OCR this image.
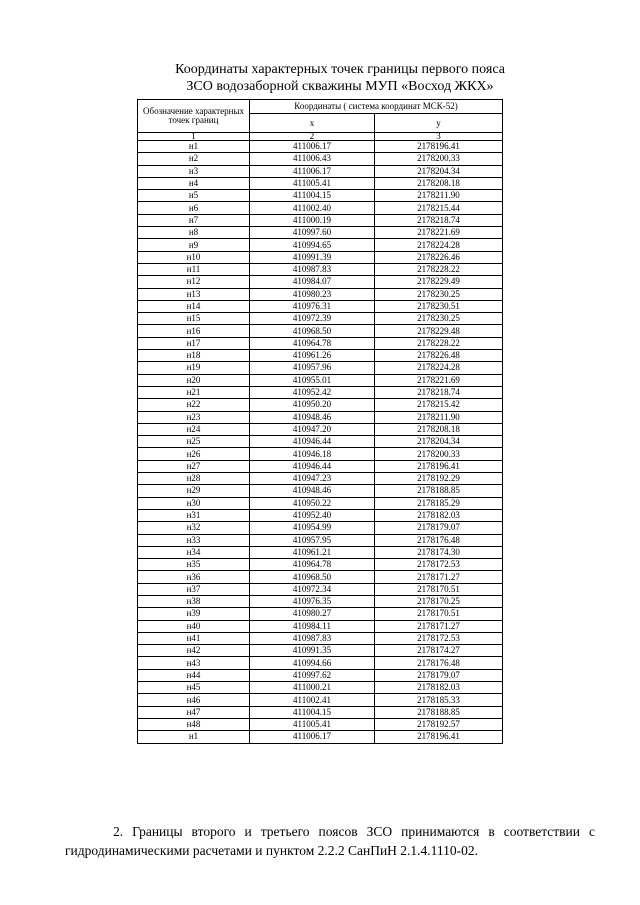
Координаты характерных точек границы первого пояса
ЗСО водозаборной скважины МУП «Восход ЖКХ»
Обозначение характерных точек границ	Координаты ( система координат МСК-52)	
	x	y
1	2	3
н1	411006.17	2178196.41
н2	411006.43	2178200.33
н3	411006.17	2178204.34
н4	411005.41	2178208.18
н5	411004.15	2178211.90
н6	411002.40	2178215.44
н7	411000.19	2178218.74
н8	410997.60	2178221.69
н9	410994.65	2178224.28
н10	410991.39	2178226.46
н11	410987.83	2178228.22
н12	410984.07	2178229.49
н13	410980.23	2178230.25
н14	410976.31	2178230.51
н15	410972.39	2178230.25
н16	410968.50	2178229.48
н17	410964.78	2178228.22
н18	410961.26	2178226.48
н19	410957.96	2178224.28
н20	410955.01	2178221.69
н21	410952.42	2178218.74
н22	410950.20	2178215.42
н23	410948.46	2178211.90
н24	410947.20	2178208.18
н25	410946.44	2178204.34
н26	410946.18	2178200.33
н27	410946.44	2178196.41
н28	410947.23	2178192.29
н29	410948.46	2178188.85
н30	410950.22	2178185.29
н31	410952.40	2178182.03
н32	410954.99	2178179.07
н33	410957.95	2178176.48
н34	410961.21	2178174.30
н35	410964.78	2178172.53
н36	410968.50	2178171.27
н37	410972.34	2178170.51
н38	410976.35	2178170.25
н39	410980.27	2178170.51
н40	410984.11	2178171.27
н41	410987.83	2178172.53
н42	410991.35	2178174.27
н43	410994.66	2178176.48
н44	410997.62	2178179.07
н45	411000.21	2178182.03
н46	411002.41	2178185.33
н47	411004.15	2178188.85
н48	411005.41	2178192.57
н1	411006.17	2178196.41
2. Границы второго и третьего поясов ЗСО принимаются в соответствии с гидродинамическими расчетами и пунктом 2.2.2 СанПиН 2.1.4.1110-02.
